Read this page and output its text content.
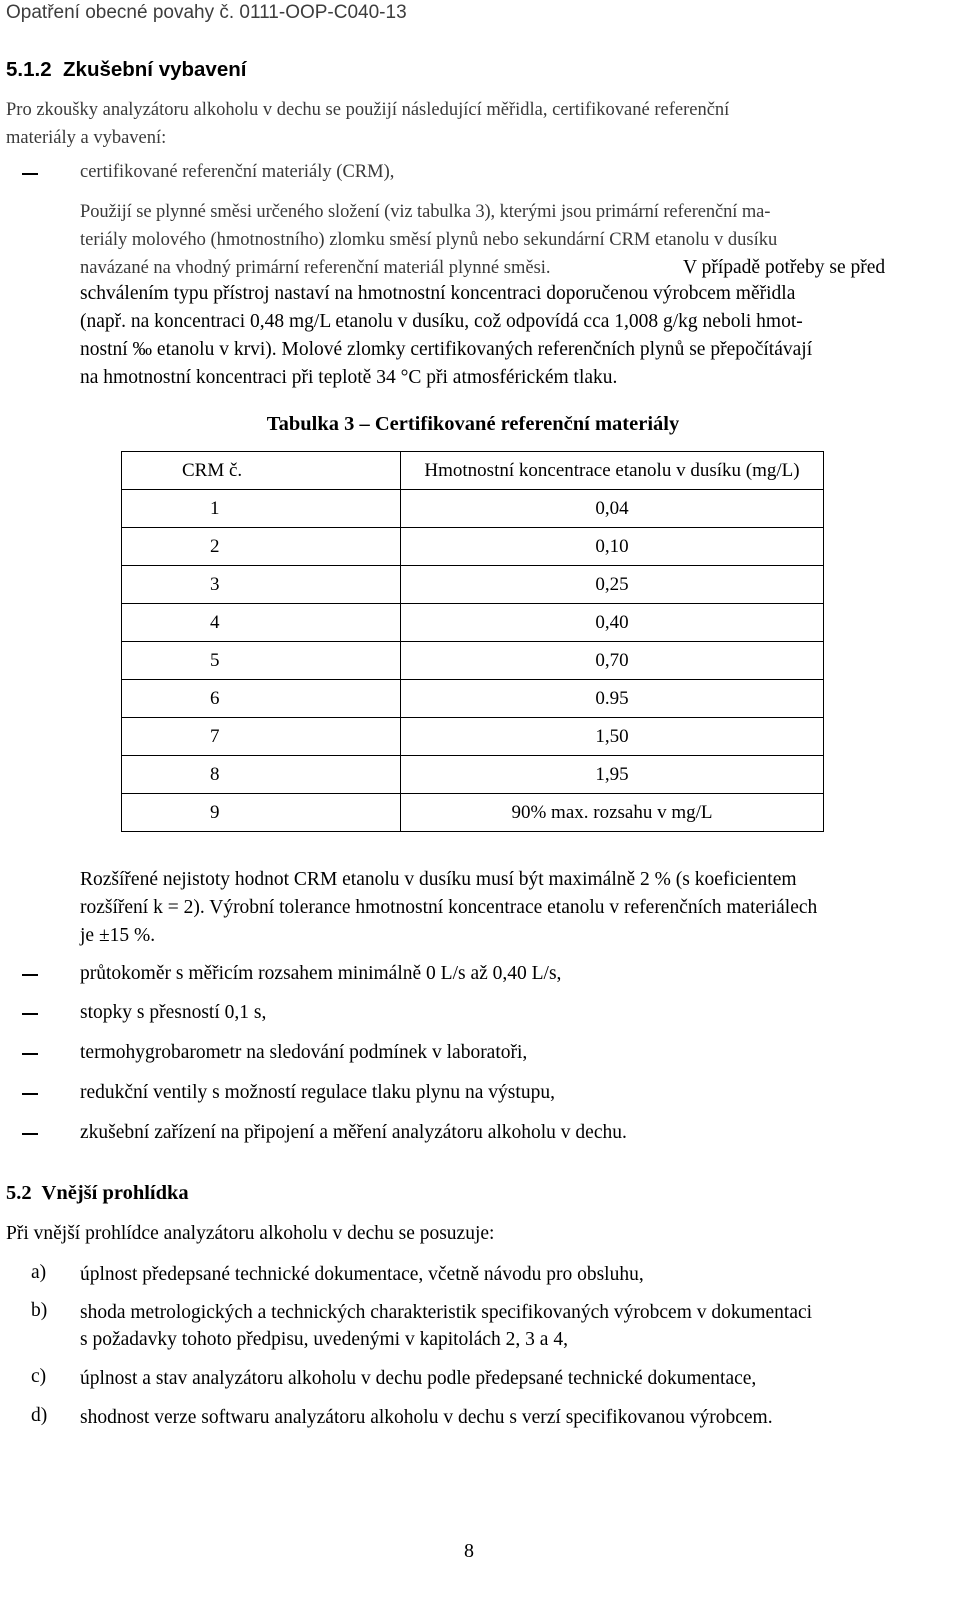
Opatření obecné povahy č. 0111-OOP-C040-13
5.1.2 Zkušební vybavení
Pro zkoušky analyzátoru alkoholu v dechu se použijí následující měřidla, certifikované referenční
materiály a vybavení:
certifikované referenční materiály (CRM),
Použijí se plynné směsi určeného složení (viz tabulka 3), kterými jsou primární referenční ma-
teriály molového (hmotnostního) zlomku směsí plynů nebo sekundární CRM etanolu v dusíku
navázané na vhodný primární referenční materiál plynné směsi.	V případě potřeby se před
schválením typu přístroj nastaví na hmotnostní koncentraci doporučenou výrobcem měřidla
(např. na koncentraci 0,48 mg/L etanolu v dusíku, což odpovídá cca 1,008 g/kg neboli hmot-
nostní ‰ etanolu v krvi). Molové zlomky certifikovaných referenčních plynů se přepočítávají
na hmotnostní koncentraci při teplotě 34 °C při atmosférickém tlaku.
Tabulka 3 – Certifikované referenční materiály
CRM č.	Hmotnostní koncentrace etanolu v dusíku (mg/L)
1	0,04
2	0,10
3	0,25
4	0,40
5	0,70
6	0.95
7	1,50
8	1,95
9	90% max. rozsahu v mg/L
Rozšířené nejistoty hodnot CRM etanolu v dusíku musí být maximálně 2 % (s koeficientem
rozšíření k = 2). Výrobní tolerance hmotnostní koncentrace etanolu v referenčních materiálech
je ±15 %.
průtokoměr s měřicím rozsahem minimálně 0 L/s až 0,40 L/s,
stopky s přesností 0,1 s,
termohygrobarometr na sledování podmínek v laboratoři,
redukční ventily s možností regulace tlaku plynu na výstupu,
zkušební zařízení na připojení a měření analyzátoru alkoholu v dechu.
5.2 Vnější prohlídka
Při vnější prohlídce analyzátoru alkoholu v dechu se posuzuje:
a) úplnost předepsané technické dokumentace, včetně návodu pro obsluhu,
b) shoda metrologických a technických charakteristik specifikovaných výrobcem v dokumentaci
s požadavky tohoto předpisu, uvedenými v kapitolách 2, 3 a 4,
c) úplnost a stav analyzátoru alkoholu v dechu podle předepsané technické dokumentace,
d) shodnost verze softwaru analyzátoru alkoholu v dechu s verzí specifikovanou výrobcem.
8
